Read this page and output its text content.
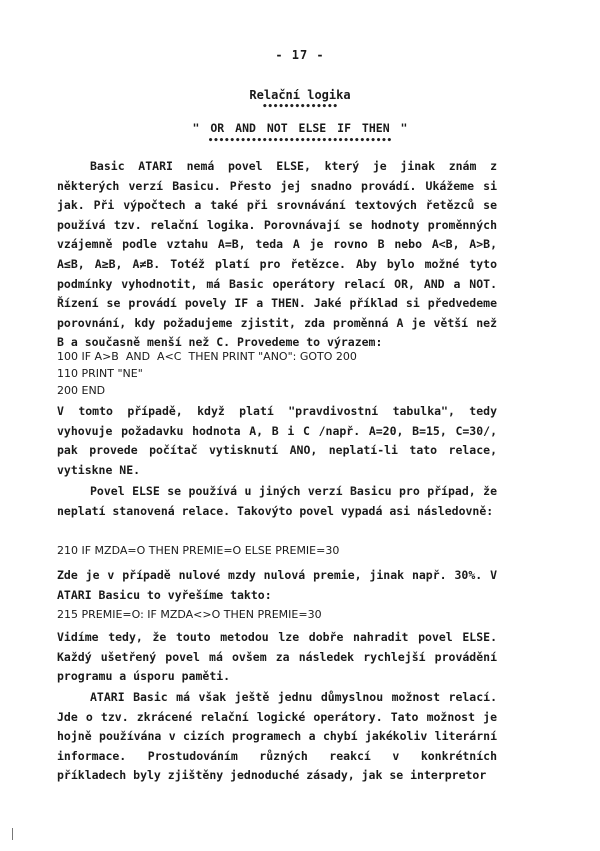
- 17 -
Relační logika
••••••••••••••
" OR AND NOT ELSE IF THEN "
••••••••••••••••••••••••••••••••••
Basic ATARI nemá povel ELSE, který je jinak znám z některých verzí Basicu. Přesto jej snadno provádí. Ukážeme si jak. Při výpočtech a také při srovnávání textových řetězců se používá tzv. relační logika. Porovnávají se hodnoty proměnných vzájemně podle vztahu A=B, teda A je rovno B nebo A<B, A>B, A≤B, A≥B, A≠B. Totéž platí pro řetězce. Aby bylo možné tyto podmínky vyhodnotit, má Basic operátory relací OR, AND a NOT. Řízení se provádí povely IF a THEN. Jaké příklad si předvedeme porovnání, kdy požadujeme zjistit, zda proměnná A je větší než B a současně menší než C. Provedeme to výrazem:
100 IF A>B  AND  A<C  THEN PRINT "ANO": GOTO 200
110 PRINT "NE"
200 END
V tomto případě, když platí "pravdivostní tabulka", tedy vyhovuje požadavku hodnota A, B i C /např. A=20, B=15, C=30/, pak provede počítač vytisknutí ANO, neplatí-li tato relace, vytiskne NE.
Povel ELSE se používá u jiných verzí Basicu pro případ, že neplatí stanovená relace. Takovýto povel vypadá asi následovně:
210 IF MZDA=O THEN PREMIE=O ELSE PREMIE=30
Zde je v případě nulové mzdy nulová premie, jinak např. 30%. V ATARI Basicu to vyřešíme takto:
215 PREMIE=O: IF MZDA<>O THEN PREMIE=30
Vidíme tedy, že touto metodou lze dobře nahradit povel ELSE. Každý ušetřený povel má ovšem za následek rychlejší provádění programu a úsporu paměti.
ATARI Basic má však ještě jednu důmyslnou možnost relací. Jde o tzv. zkrácené relační logické operátory. Tato možnost je hojně používána v cizích programech a chybí jakékoliv literární informace. Prostudováním různých reakcí v konkrétních příkladech byly zjištěny jednoduché zásady, jak se interpretor
